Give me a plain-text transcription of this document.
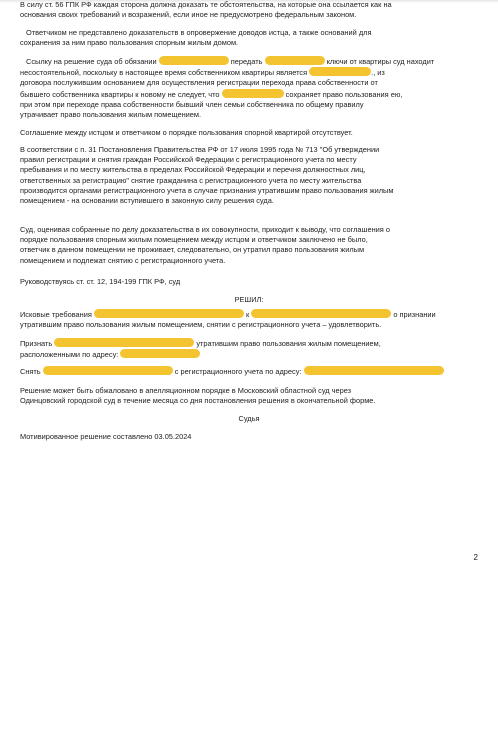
В силу ст. 56 ГПК РФ каждая сторона должна доказать те обстоятельства, на которые она ссылается как на

основания своих требований и возражений, если иное не предусмотрено федеральным законом.

Ответчиком не представлено доказательств в опровержение доводов истца, а также оснований для

сохранения за ним право пользования спорным жилым домом.

Ссылку на решение суда об обязании	передать	ключи от квартиры суд находит

несостоятельной, поскольку в настоящее время собственником квартиры является	., из

договора послужившим основанием для осуществления регистрации перехода права собственности от

бывшего собственника квартиры к новому не следует, что	сохраняет право пользования ею,

при этом при переходе права собственности бывший член семьи собственника по общему правилу

утрачивает право пользования жилым помещением.

Соглашение между истцом и ответчиком о порядке пользования спорной квартирой отсутствует.

В соответствии с п. 31 Постановления Правительства РФ от 17 июля 1995 года № 713 "Об утверждении

правил регистрации и снятия граждан Российской Федерации с регистрационного учета по месту

пребывания и по месту жительства в пределах Российской Федерации и перечня должностных лиц,

ответственных за регистрацию" снятие гражданина с регистрационного учета по месту жительства

производится органами регистрационного учета в случае признания утратившим право пользования жилым

помещением - на основании вступившего в законную силу решения суда.

Суд, оценивая собранные по делу доказательства в их совокупности, приходит к выводу, что соглашения о

порядке пользования спорным жилым помещением между истцом и ответчиком заключено не было,

ответчик в данном помещении не проживает, следовательно, он утратил право пользования жилым

помещением и подлежат снятию с регистрационного учета.

Руководствуясь ст. ст. 12, 194-199 ГПК РФ, суд

РЕШИЛ:

Исковые требования	к	о признании

утратившим право пользования жилым помещением, снятии с регистрационного учета – удовлетворить.

Признать	утратившим право пользования жилым помещением,

расположенными по адресу:

Снять	с регистрационного учета по адресу:

Решение может быть обжаловано в апелляционном порядке в Московский областной суд через

Одинцовский городской суд в течение месяца со дня постановления решения в окончательной форме.

Судья

Мотивированное решение составлено 03.05.2024

2
